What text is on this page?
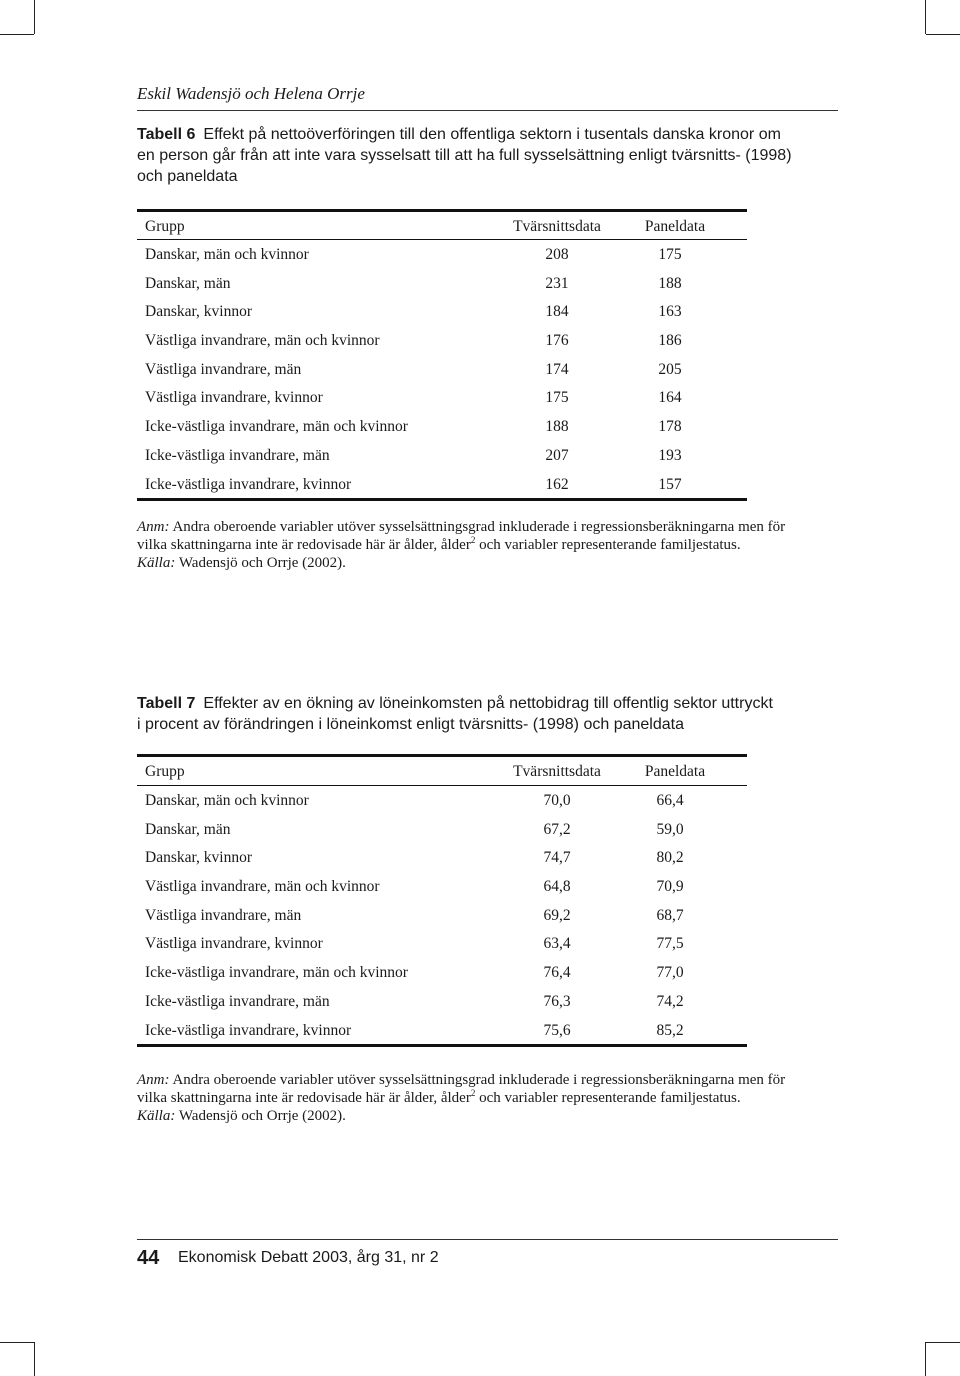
Eskil Wadensjö och Helena Orrje
Tabell 6 Effekt på nettoöverföringen till den offentliga sektorn i tusentals danska kronor om
en person går från att inte vara sysselsatt till att ha full sysselsättning enligt tvärsnitts- (1998)
och paneldata
Grupp	Tvärsnittsdata	Paneldata
Danskar, män och kvinnor	208	175
Danskar, män	231	188
Danskar, kvinnor	184	163
Västliga invandrare, män och kvinnor	176	186
Västliga invandrare, män	174	205
Västliga invandrare, kvinnor	175	164
Icke-västliga invandrare, män och kvinnor	188	178
Icke-västliga invandrare, män	207	193
Icke-västliga invandrare, kvinnor	162	157
Anm: Andra oberoende variabler utöver sysselsättningsgrad inkluderade i regressionsberäkningarna men för
vilka skattningarna inte är redovisade här är ålder, ålder$^2$ och variabler representerande familjestatus.
Källa: Wadensjö och Orrje (2002).
Tabell 7 Effekter av en ökning av löneinkomsten på nettobidrag till offentlig sektor uttryckt
i procent av förändringen i löneinkomst enligt tvärsnitts- (1998) och paneldata
Grupp	Tvärsnittsdata	Paneldata
Danskar, män och kvinnor	70,0	66,4
Danskar, män	67,2	59,0
Danskar, kvinnor	74,7	80,2
Västliga invandrare, män och kvinnor	64,8	70,9
Västliga invandrare, män	69,2	68,7
Västliga invandrare, kvinnor	63,4	77,5
Icke-västliga invandrare, män och kvinnor	76,4	77,0
Icke-västliga invandrare, män	76,3	74,2
Icke-västliga invandrare, kvinnor	75,6	85,2
Anm: Andra oberoende variabler utöver sysselsättningsgrad inkluderade i regressionsberäkningarna men för
vilka skattningarna inte är redovisade här är ålder, ålder$^2$ och variabler representerande familjestatus.
Källa: Wadensjö och Orrje (2002).
44 Ekonomisk Debatt 2003, årg 31, nr 2
